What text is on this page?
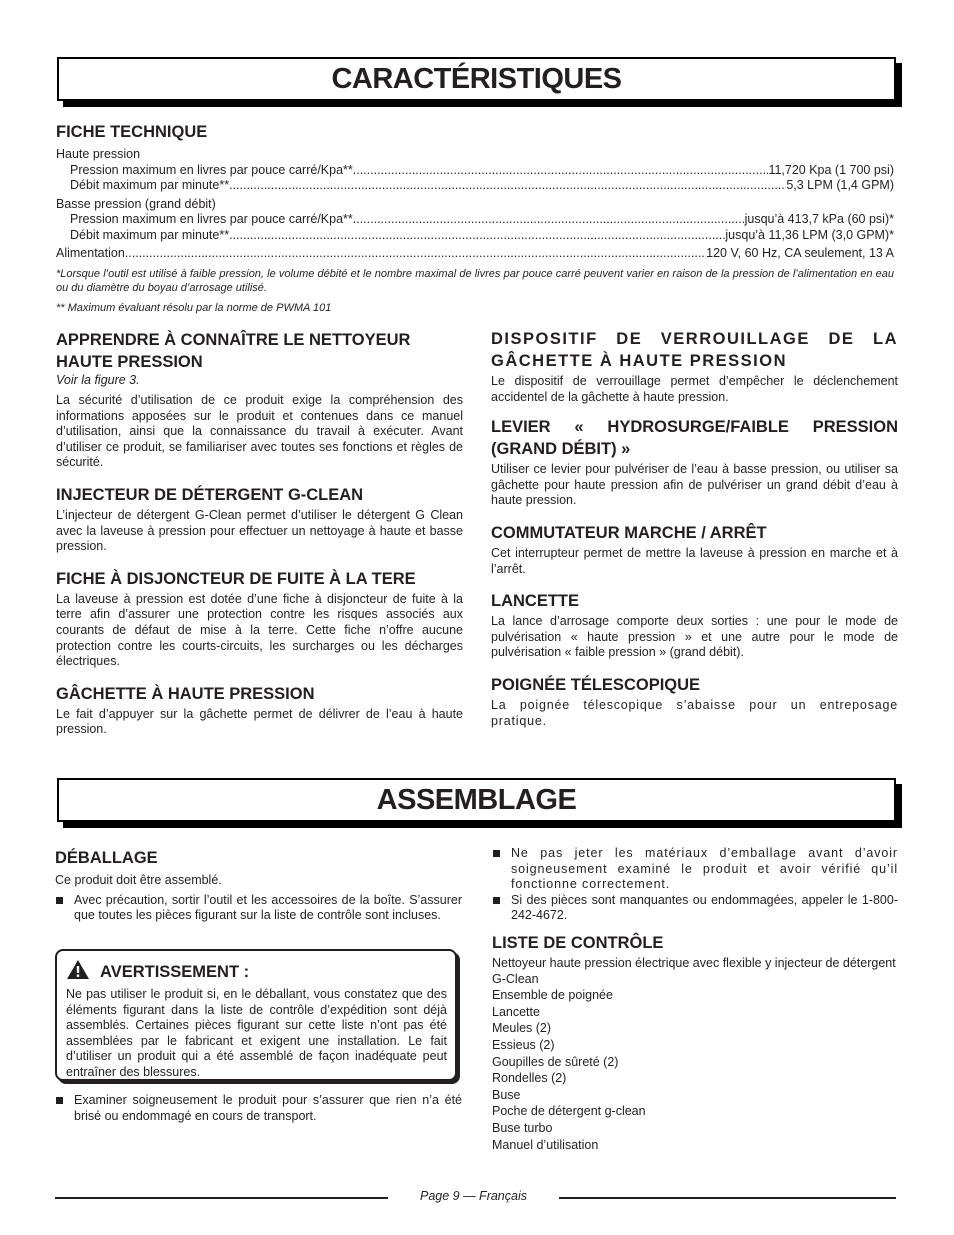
CARACTÉRISTIQUES
FICHE TECHNIQUE
Haute pression
Pression maximum en livres par pouce carré/Kpa** .....	11,720 Kpa (1 700 psi)
Débit maximum par minute** .....	5,3 LPM (1,4 GPM)
Basse pression (grand débit)
Pression maximum en livres par pouce carré/Kpa** .....	jusqu’à 413,7 kPa (60 psi)*
Débit maximum par minute** .....	jusqu’à 11,36 LPM (3,0 GPM)*
Alimentation .....	120 V, 60 Hz, CA seulement, 13 A
*Lorsque l’outil est utilisé à faible pression, le volume débité et le nombre maximal de livres par pouce carré peuvent varier en raison de la pression de l’alimentation en eau ou du diamètre du boyau d’arrosage utilisé.
** Maximum évaluant résolu par la norme de PWMA 101
APPRENDRE À CONNAÎTRE LE NETTOYEUR HAUTE PRESSION
Voir la figure 3.

La sécurité d’utilisation de ce produit exige la compréhension des informations apposées sur le produit et contenues dans ce manuel d’utilisation, ainsi que la connaissance du travail à exécuter. Avant d’utiliser ce produit, se familiariser avec toutes ses fonctions et règles de sécurité.

INJECTEUR DE DÉTERGENT G-CLEAN

L’injecteur de détergent G-Clean permet d’utiliser le détergent G Clean avec la laveuse à pression pour effectuer un nettoyage à haute et basse pression.

FICHE À DISJONCTEUR DE FUITE À LA TERE

La laveuse à pression est dotée d’une fiche à disjoncteur de fuite à la terre afin d’assurer une protection contre les risques associés aux courants de défaut de mise à la terre. Cette fiche n’offre aucune protection contre les courts-circuits, les surcharges ou les décharges électriques.

GÂCHETTE À HAUTE PRESSION

Le fait d’appuyer sur la gâchette permet de délivrer de l’eau à haute pression.

DISPOSITIF DE VERROUILLAGE DE LA GÂCHETTE À HAUTE PRESSION

Le dispositif de verrouillage permet d’empêcher le déclenchement accidentel de la gâchette à haute pression.

LEVIER « HYDROSURGE/FAIBLE PRESSION (GRAND DÉBIT) »

Utiliser ce levier pour pulvériser de l’eau à basse pression, ou utiliser sa gâchette pour haute pression afin de pulvériser un grand débit d’eau à haute pression.

COMMUTATEUR MARCHE / ARRÊT

Cet interrupteur permet de mettre la laveuse à pression en marche et à l’arrêt.

LANCETTE

La lance d’arrosage comporte deux sorties : une pour le mode de pulvérisation « haute pression » et une autre pour le mode de pulvérisation « faible pression » (grand débit).

POIGNÉE TÉLESCOPIQUE

La poignée télescopique s’abaisse pour un entreposage pratique.

ASSEMBLAGE
DÉBALLAGE

Ce produit doit être assemblé.

Avec précaution, sortir l’outil et les accessoires de la boîte. S’assurer que toutes les pièces figurant sur la liste de contrôle sont incluses.
AVERTISSEMENT :

Ne pas utiliser le produit si, en le déballant, vous constatez que des éléments figurant dans la liste de contrôle d’expédition sont déjà assemblés. Certaines pièces figurant sur cette liste n’ont pas été assemblées par le fabricant et exigent une installation. Le fait d’utiliser un produit qui a été assemblé de façon inadéquate peut entraîner des blessures.

Examiner soigneusement le produit pour s’assurer que rien n’a été brisé ou endommagé en cours de transport.
Ne pas jeter les matériaux d’emballage avant d’avoir soigneusement examiné le produit et avoir vérifié qu’il fonctionne correctement.
Si des pièces sont manquantes ou endommagées, appeler le 1-800-242-4672.
LISTE DE CONTRÔLE
Nettoyeur haute pression électrique avec flexible y injecteur de détergent G-Clean
Ensemble de poignée
Lancette
Meules (2)
Essieus (2)
Goupilles de sûreté (2)
Rondelles (2)
Buse
Poche de détergent g-clean
Buse turbo
Manuel d’utilisation
Page 9 — Français
